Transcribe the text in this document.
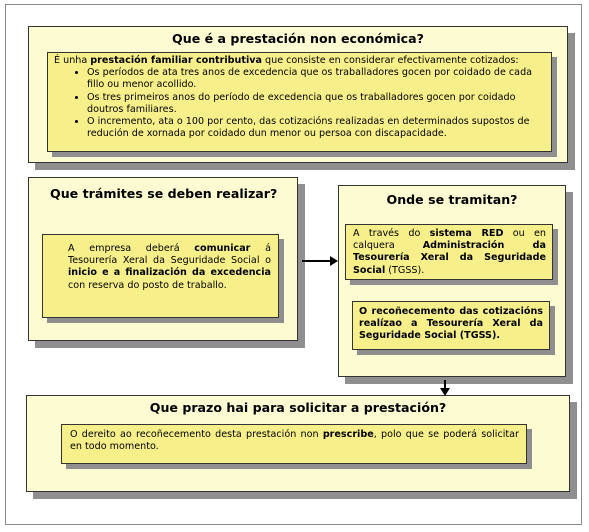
Que é a prestación non económica?
É unha prestación familiar contributiva que consiste en considerar efectivamente cotizados:
• Os períodos de ata tres anos de excedencia que os traballadores gocen por coidado de cada fillo ou menor acollido.
• Os tres primeiros anos do período de excedencia que os traballadores gocen por coidado doutros familiares.
• O incremento, ata o 100 por cento, das cotizacións realizadas en determinados supostos de redución de xornada por coidado dun menor ou persoa con discapacidade.
Que trámites se deben realizar?
A empresa deberá comunicar á Tesourería Xeral da Seguridade Social o inicio e a finalización da excedencia con reserva do posto de traballo.
Onde se tramitan?
A través do sistema RED ou en calquera Administración da Tesourería Xeral da Seguridade Social (TGSS).
O recoñecemento das cotizacións realízao a Tesourería Xeral da Seguridade Social (TGSS).
Que prazo hai para solicitar a prestación?
O dereito ao recoñecemento desta prestación non prescribe, polo que se poderá solicitar en todo momento.
